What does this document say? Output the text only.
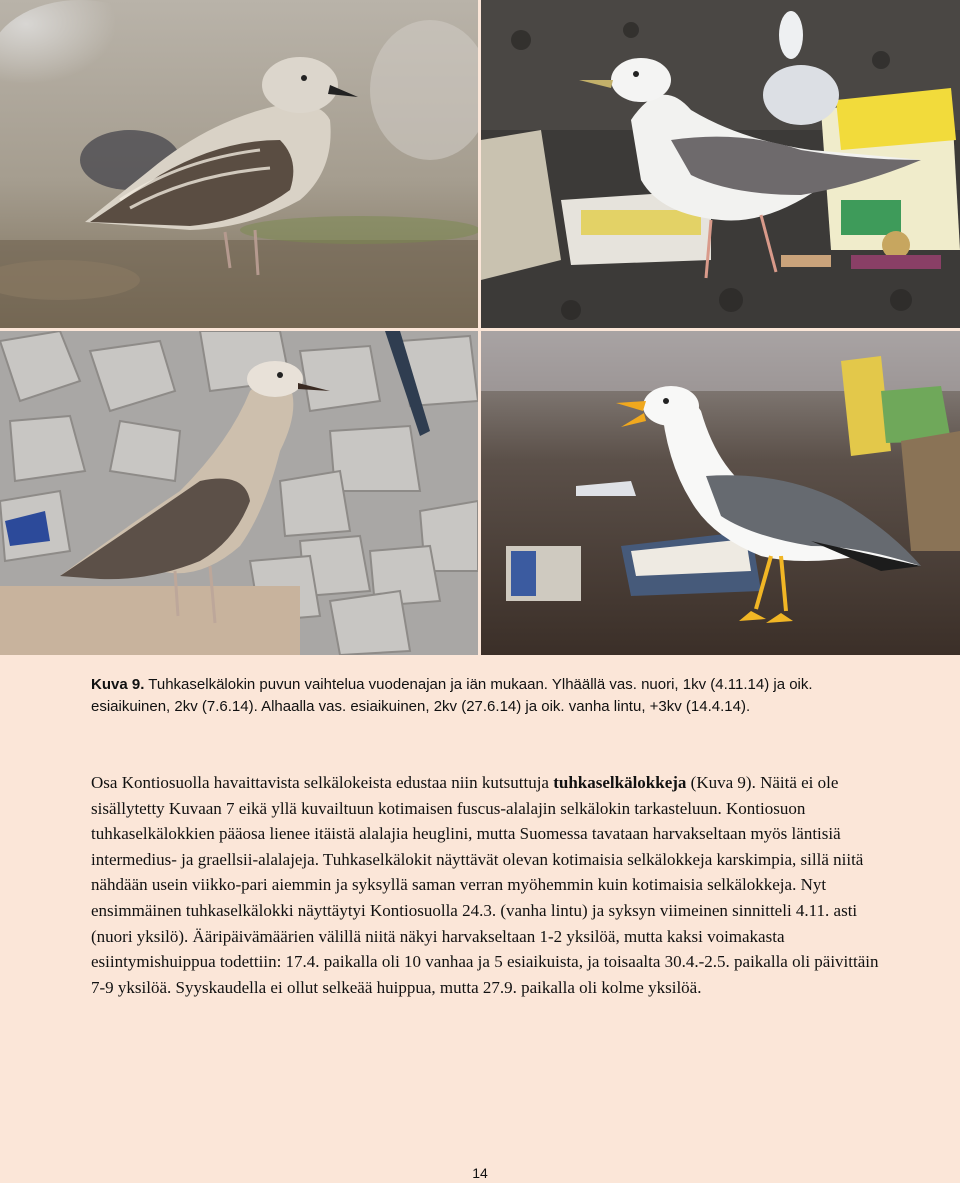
Kuva 9. Tuhkaselkälokin puvun vaihtelua vuodenajan ja iän mukaan. Ylhäällä vas. nuori, 1kv (4.11.14) ja oik. esiaikuinen, 2kv (7.6.14). Alhaalla vas. esiaikuinen, 2kv (27.6.14) ja oik. vanha lintu, +3kv (14.4.14).
Osa Kontiosuolla havaittavista selkälokeista edustaa niin kutsuttuja tuhkaselkälokkeja (Kuva 9). Näitä ei ole sisällytetty Kuvaan 7 eikä yllä kuvailtuun kotimaisen fuscus-alalajin selkälokin tarkasteluun. Kontiosuon tuhkaselkälokkien pääosa lienee itäistä alalajia heuglini, mutta Suomessa tavataan harvakseltaan myös läntisiä intermedius- ja graellsii-alalajeja. Tuhkaselkälokit näyttävät olevan kotimaisia selkälokkeja karskimpia, sillä niitä nähdään usein viikko-pari aiemmin ja syksyllä saman verran myöhemmin kuin kotimaisia selkälokkeja. Nyt ensimmäinen tuhkaselkälokki näyttäytyi Kontiosuolla 24.3. (vanha lintu) ja syksyn viimeinen sinnitteli 4.11. asti (nuori yksilö). Ääripäivämäärien välillä niitä näkyi harvakseltaan 1-2 yksilöä, mutta kaksi voimakasta esiintymishuippua todettiin: 17.4. paikalla oli 10 vanhaa ja 5 esiaikuista, ja toisaalta 30.4.-2.5. paikalla oli päivittäin 7-9 yksilöä. Syyskaudella ei ollut selkeää huippua, mutta 27.9. paikalla oli kolme yksilöä.
14
